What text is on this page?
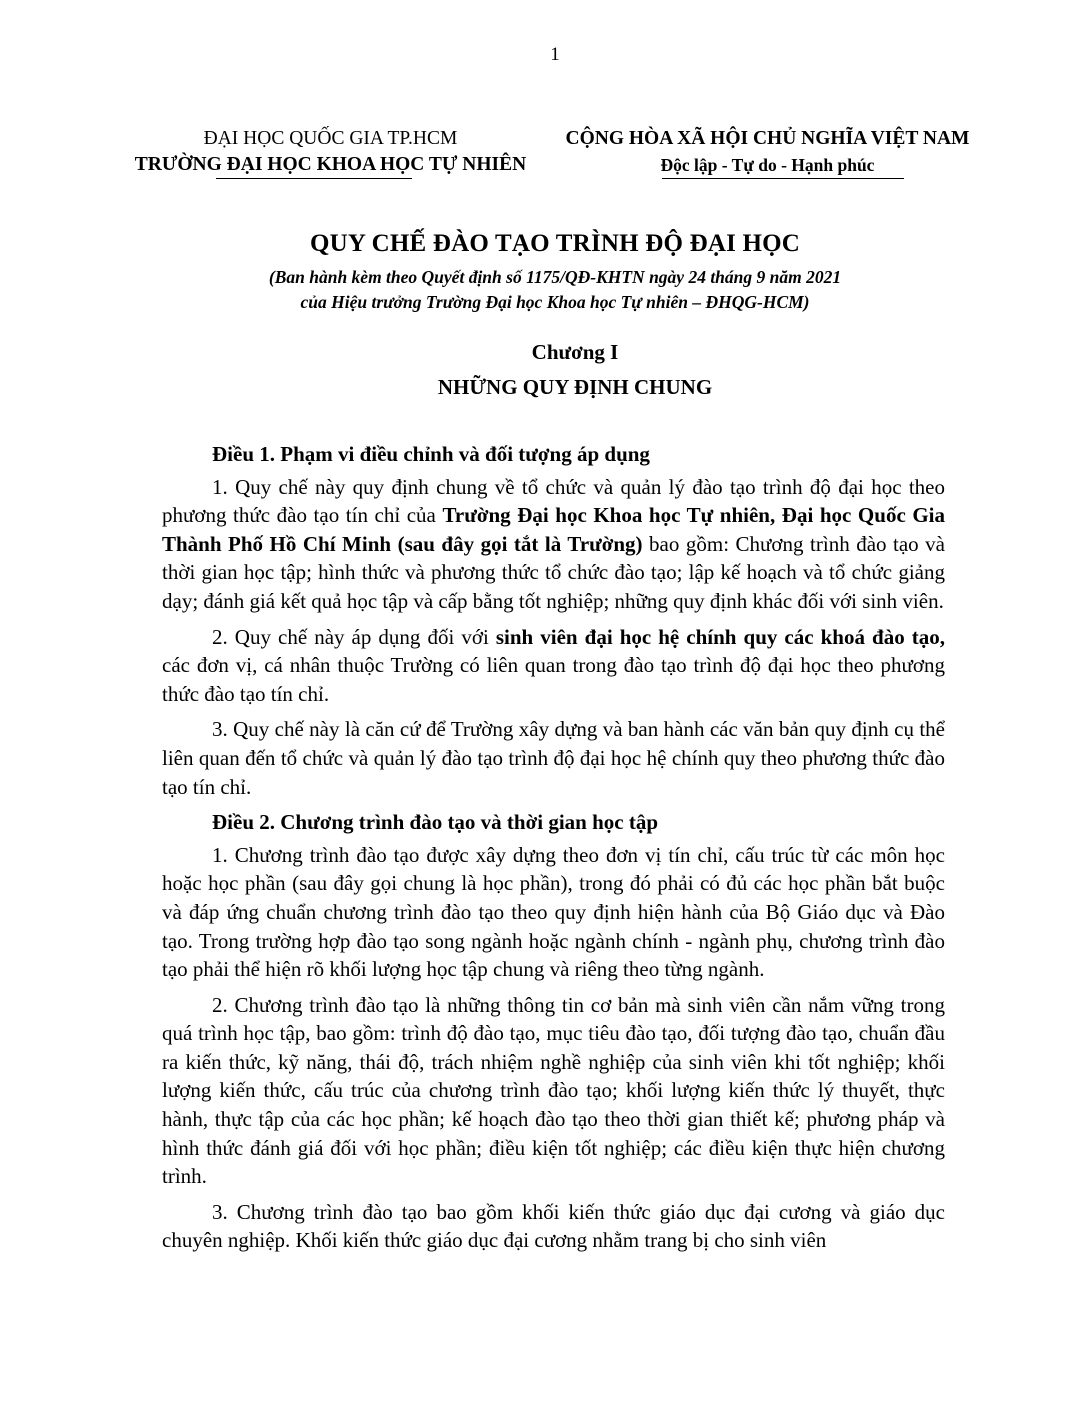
1
ĐẠI HỌC QUỐC GIA TP.HCM
TRƯỜNG ĐẠI HỌC KHOA HỌC TỰ NHIÊN
CỘNG HÒA XÃ HỘI CHỦ NGHĨA VIỆT NAM
Độc lập - Tự do - Hạnh phúc
QUY CHẾ ĐÀO TẠO TRÌNH ĐỘ ĐẠI HỌC
(Ban hành kèm theo Quyết định số 1175/QĐ-KHTN ngày 24 tháng 9 năm 2021
của Hiệu trưởng Trường Đại học Khoa học Tự nhiên – ĐHQG-HCM)
Chương I
NHỮNG QUY ĐỊNH CHUNG

Điều 1. Phạm vi điều chỉnh và đối tượng áp dụng

1. Quy chế này quy định chung về tổ chức và quản lý đào tạo trình độ đại học theo phương thức đào tạo tín chỉ của Trường Đại học Khoa học Tự nhiên, Đại học Quốc Gia Thành Phố Hồ Chí Minh (sau đây gọi tắt là Trường) bao gồm: Chương trình đào tạo và thời gian học tập; hình thức và phương thức tổ chức đào tạo; lập kế hoạch và tổ chức giảng dạy; đánh giá kết quả học tập và cấp bằng tốt nghiệp; những quy định khác đối với sinh viên.

2. Quy chế này áp dụng đối với sinh viên đại học hệ chính quy các khoá đào tạo, các đơn vị, cá nhân thuộc Trường có liên quan trong đào tạo trình độ đại học theo phương thức đào tạo tín chỉ.

3. Quy chế này là căn cứ để Trường xây dựng và ban hành các văn bản quy định cụ thể liên quan đến tổ chức và quản lý đào tạo trình độ đại học hệ chính quy theo phương thức đào tạo tín chỉ.

Điều 2. Chương trình đào tạo và thời gian học tập

1. Chương trình đào tạo được xây dựng theo đơn vị tín chỉ, cấu trúc từ các môn học hoặc học phần (sau đây gọi chung là học phần), trong đó phải có đủ các học phần bắt buộc và đáp ứng chuẩn chương trình đào tạo theo quy định hiện hành của Bộ Giáo dục và Đào tạo. Trong trường hợp đào tạo song ngành hoặc ngành chính - ngành phụ, chương trình đào tạo phải thể hiện rõ khối lượng học tập chung và riêng theo từng ngành.

2. Chương trình đào tạo là những thông tin cơ bản mà sinh viên cần nắm vững trong quá trình học tập, bao gồm: trình độ đào tạo, mục tiêu đào tạo, đối tượng đào tạo, chuẩn đầu ra kiến thức, kỹ năng, thái độ, trách nhiệm nghề nghiệp của sinh viên khi tốt nghiệp; khối lượng kiến thức, cấu trúc của chương trình đào tạo; khối lượng kiến thức lý thuyết, thực hành, thực tập của các học phần; kế hoạch đào tạo theo thời gian thiết kế; phương pháp và hình thức đánh giá đối với học phần; điều kiện tốt nghiệp; các điều kiện thực hiện chương trình.

3. Chương trình đào tạo bao gồm khối kiến thức giáo dục đại cương và giáo dục chuyên nghiệp. Khối kiến thức giáo dục đại cương nhằm trang bị cho sinh viên
